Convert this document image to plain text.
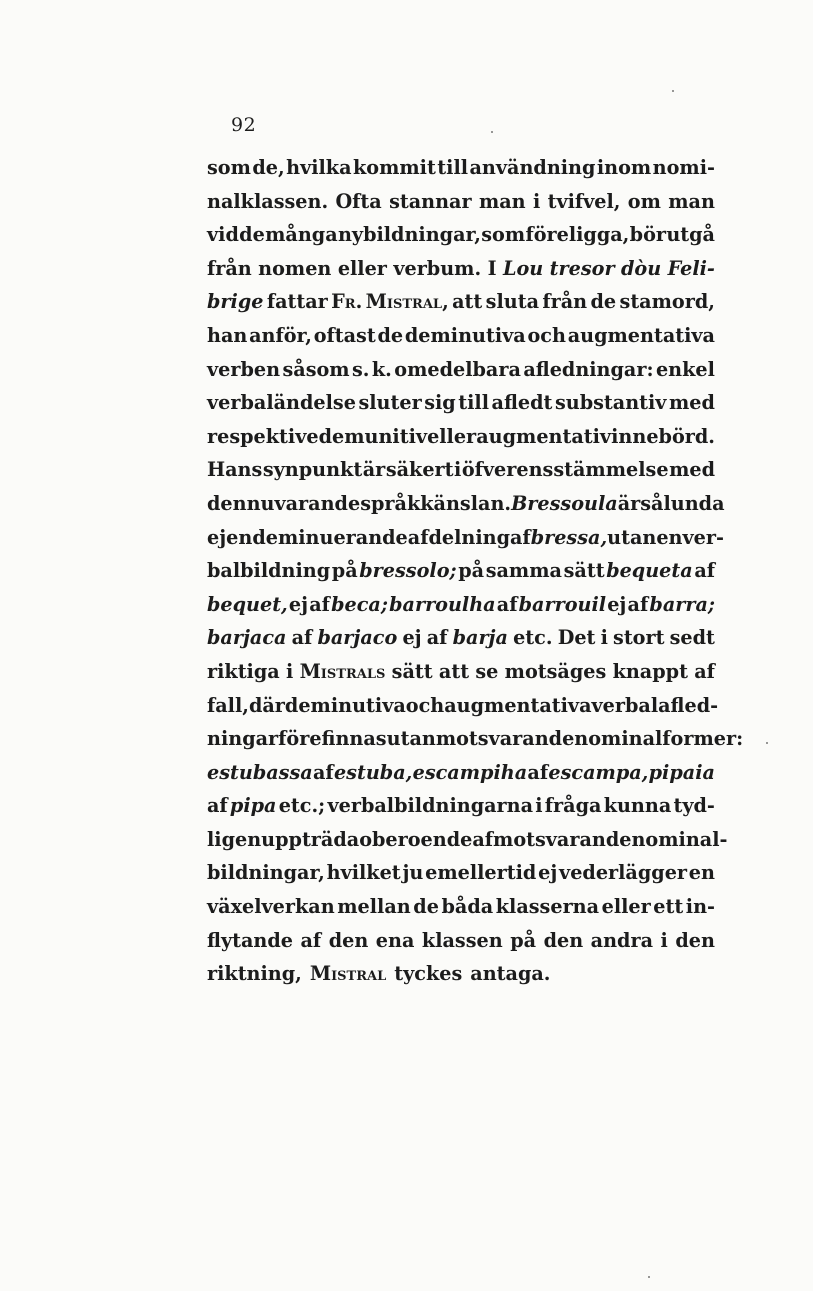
92
som de, hvilka kommit till användning inom nomi-
nalklassen. Ofta stannar man i tvifvel, om man
vid de många nybildningar, som föreligga, bör utgå
från nomen eller verbum. I Lou tresor dòu Feli-
brige fattar Fr. Mistral, att sluta från de stamord,
han anför, oftast de deminutiva och augmentativa
verben såsom s. k. omedelbara afledningar: enkel
verbaländelse sluter sig till afledt substantiv med
respektive demunitiv eller augmentativ innebörd.
Hans synpunkt är säkert i öfverensstämmelse med
den nuvarande språkkänslan. Bressoula är sålunda
ej en deminuerande afdelning af bressa, utan en ver-
balbildning på bressolo; på samma sätt bequeta af
bequet, ej af beca; barroulha af barrouil ej af barra;
barjaca af barjaco ej af barja etc. Det i stort sedt
riktiga i Mistrals sätt att se motsäges knappt af
fall, där deminutiva och augmentativa verbalafled-
ningar förefinnas utan motsvarande nominalformer:
estubassa af estuba, escampiha af escampa, pipaia
af pipa etc.; verbalbildningarna i fråga kunna tyd-
ligen uppträda oberoende af motsvarande nominal-
bildningar, hvilket ju emellertid ej vederlägger en
växelverkan mellan de båda klasserna eller ett in-
flytande af den ena klassen på den andra i den
riktning, Mistral tyckes antaga.
